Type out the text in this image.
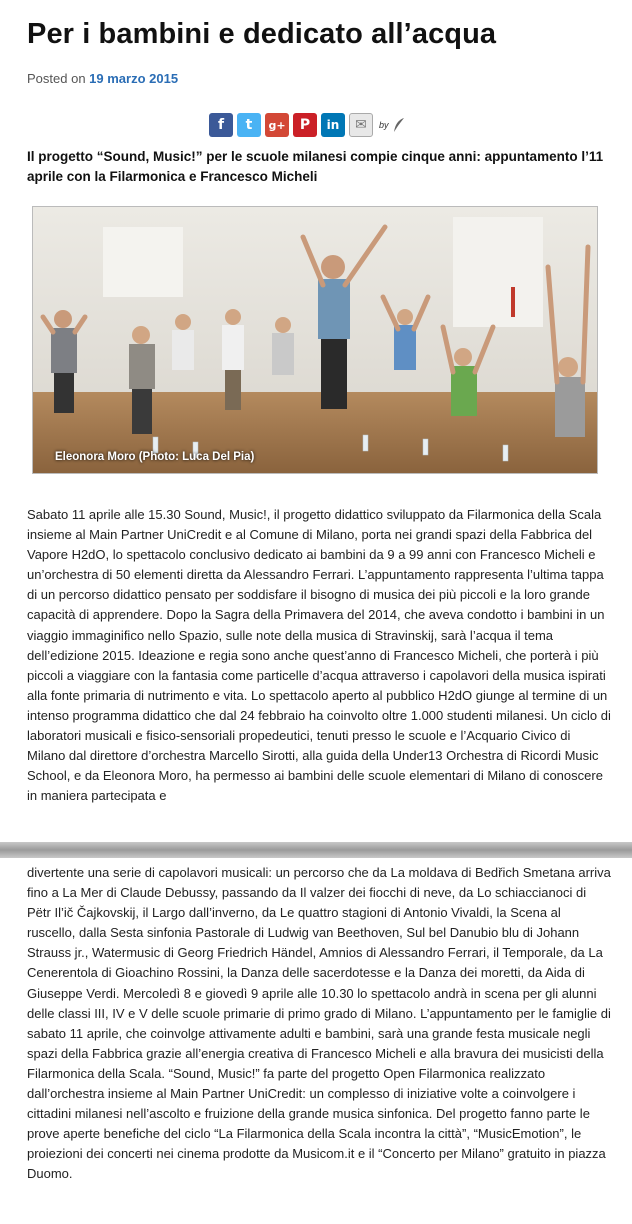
Per i bambini e dedicato all’acqua
Posted on 19 marzo 2015
f	t	g+	P	in	✉	by

Il progetto “Sound, Music!” per le scuole milanesi compie cinque anni: appuntamento l’11 aprile con la Filarmonica e Francesco Micheli

Eleonora Moro (Photo: Luca Del Pia)

Sabato 11 aprile alle 15.30 Sound, Music!, il progetto didattico sviluppato da Filarmonica della Scala insieme al Main Partner UniCredit e al Comune di Milano, porta nei grandi spazi della Fabbrica del Vapore H2dO, lo spettacolo conclusivo dedicato ai bambini da 9 a 99 anni con Francesco Micheli e un’orchestra di 50 elementi diretta da Alessandro Ferrari. L’appuntamento rappresenta l’ultima tappa di un percorso didattico pensato per soddisfare il bisogno di musica dei più piccoli e la loro grande capacità di apprendere. Dopo la Sagra della Primavera del 2014, che aveva condotto i bambini in un viaggio immaginifico nello Spazio, sulle note della musica di Stravinskij, sarà l’acqua il tema dell’edizione 2015. Ideazione e regia sono anche quest’anno di Francesco Micheli, che porterà i più piccoli a viaggiare con la fantasia come particelle d’acqua attraverso i capolavori della musica ispirati alla fonte primaria di nutrimento e vita. Lo spettacolo aperto al pubblico H2dO giunge al termine di un intenso programma didattico che dal 24 febbraio ha coinvolto oltre 1.000 studenti milanesi. Un ciclo di laboratori musicali e fisico-sensoriali propedeutici, tenuti presso le scuole e l’Acquario Civico di Milano dal direttore d’orchestra Marcello Sirotti, alla guida della Under13 Orchestra di Ricordi Music School, e da Eleonora Moro, ha permesso ai bambini delle scuole elementari di Milano di conoscere in maniera partecipata e

divertente una serie di capolavori musicali: un percorso che da La moldava di Bedřich Smetana arriva fino a La Mer di Claude Debussy, passando da Il valzer dei fiocchi di neve, da Lo schiaccianoci di Pëtr Il’ič Čajkovskij, il Largo dall’inverno, da Le quattro stagioni di Antonio Vivaldi, la Scena al ruscello, dalla Sesta sinfonia Pastorale di Ludwig van Beethoven, Sul bel Danubio blu di Johann Strauss jr., Watermusic di Georg Friedrich Händel, Amnios di Alessandro Ferrari, il Temporale, da La Cenerentola di Gioachino Rossini, la Danza delle sacerdotesse e la Danza dei moretti, da Aida di Giuseppe Verdi. Mercoledì 8 e giovedì 9 aprile alle 10.30 lo spettacolo andrà in scena per gli alunni delle classi III, IV e V delle scuole primarie di primo grado di Milano. L’appuntamento per le famiglie di sabato 11 aprile, che coinvolge attivamente adulti e bambini, sarà una grande festa musicale negli spazi della Fabbrica grazie all’energia creativa di Francesco Micheli e alla bravura dei musicisti della Filarmonica della Scala. “Sound, Music!” fa parte del progetto Open Filarmonica realizzato dall’orchestra insieme al Main Partner UniCredit: un complesso di iniziative volte a coinvolgere i cittadini milanesi nell’ascolto e fruizione della grande musica sinfonica. Del progetto fanno parte le prove aperte benefiche del ciclo “La Filarmonica della Scala incontra la città”, “MusicEmotion”, le proiezioni dei concerti nei cinema prodotte da Musicom.it e il “Concerto per Milano” gratuito in piazza Duomo.
